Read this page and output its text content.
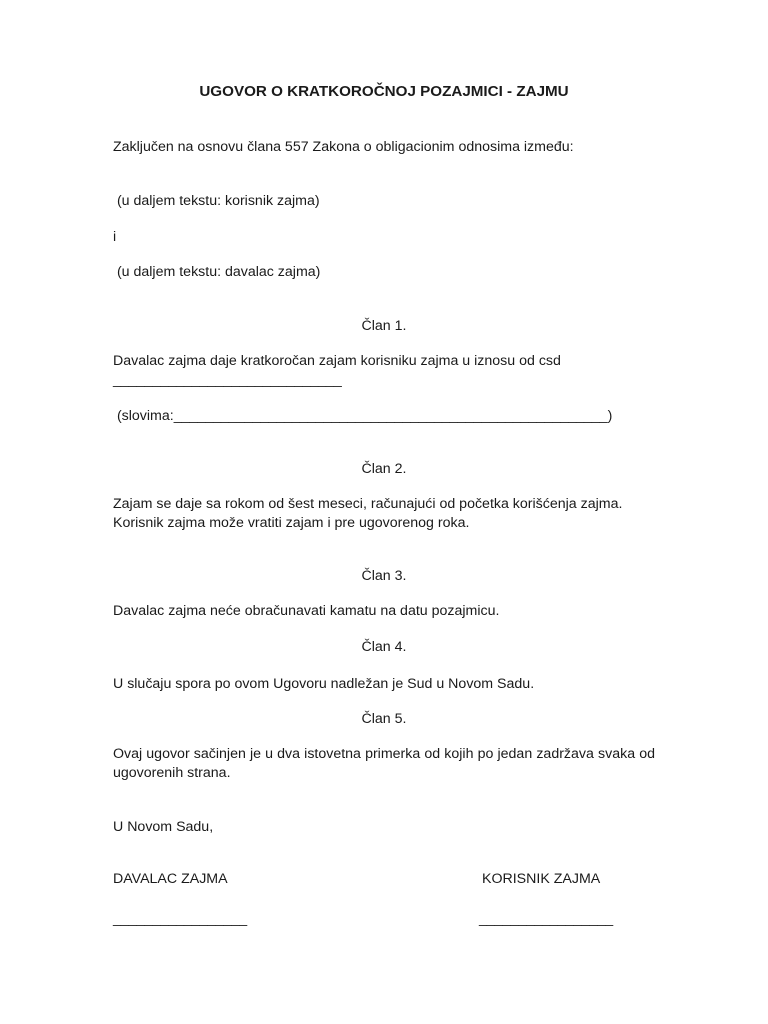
UGOVOR O KRATKOROČNOJ POZAJMICI - ZAJMU
Zaključen na osnovu člana 557 Zakona o obligacionim odnosima između:
(u daljem tekstu: korisnik zajma)
i
(u daljem tekstu: davalac zajma)
Član 1.
Davalac zajma daje kratkoročan zajam korisniku zajma u iznosu od csd
_____________________________
(slovima:_______________________________________________________)
Član 2.
Zajam se daje sa rokom od šest meseci, računajući od početka korišćenja zajma.
Korisnik zajma može vratiti zajam i pre ugovorenog roka.
Član 3.
Davalac zajma neće obračunavati kamatu na datu pozajmicu.
Član 4.
U slučaju spora po ovom Ugovoru nadležan je Sud u Novom Sadu.
Član 5.
Ovaj ugovor sačinjen je u dva istovetna primerka od kojih po jedan zadržava svaka od ugovorenih strana.
U Novom Sadu,
DAVALAC ZAJMA	KORISNIK ZAJMA
_________________	_________________
